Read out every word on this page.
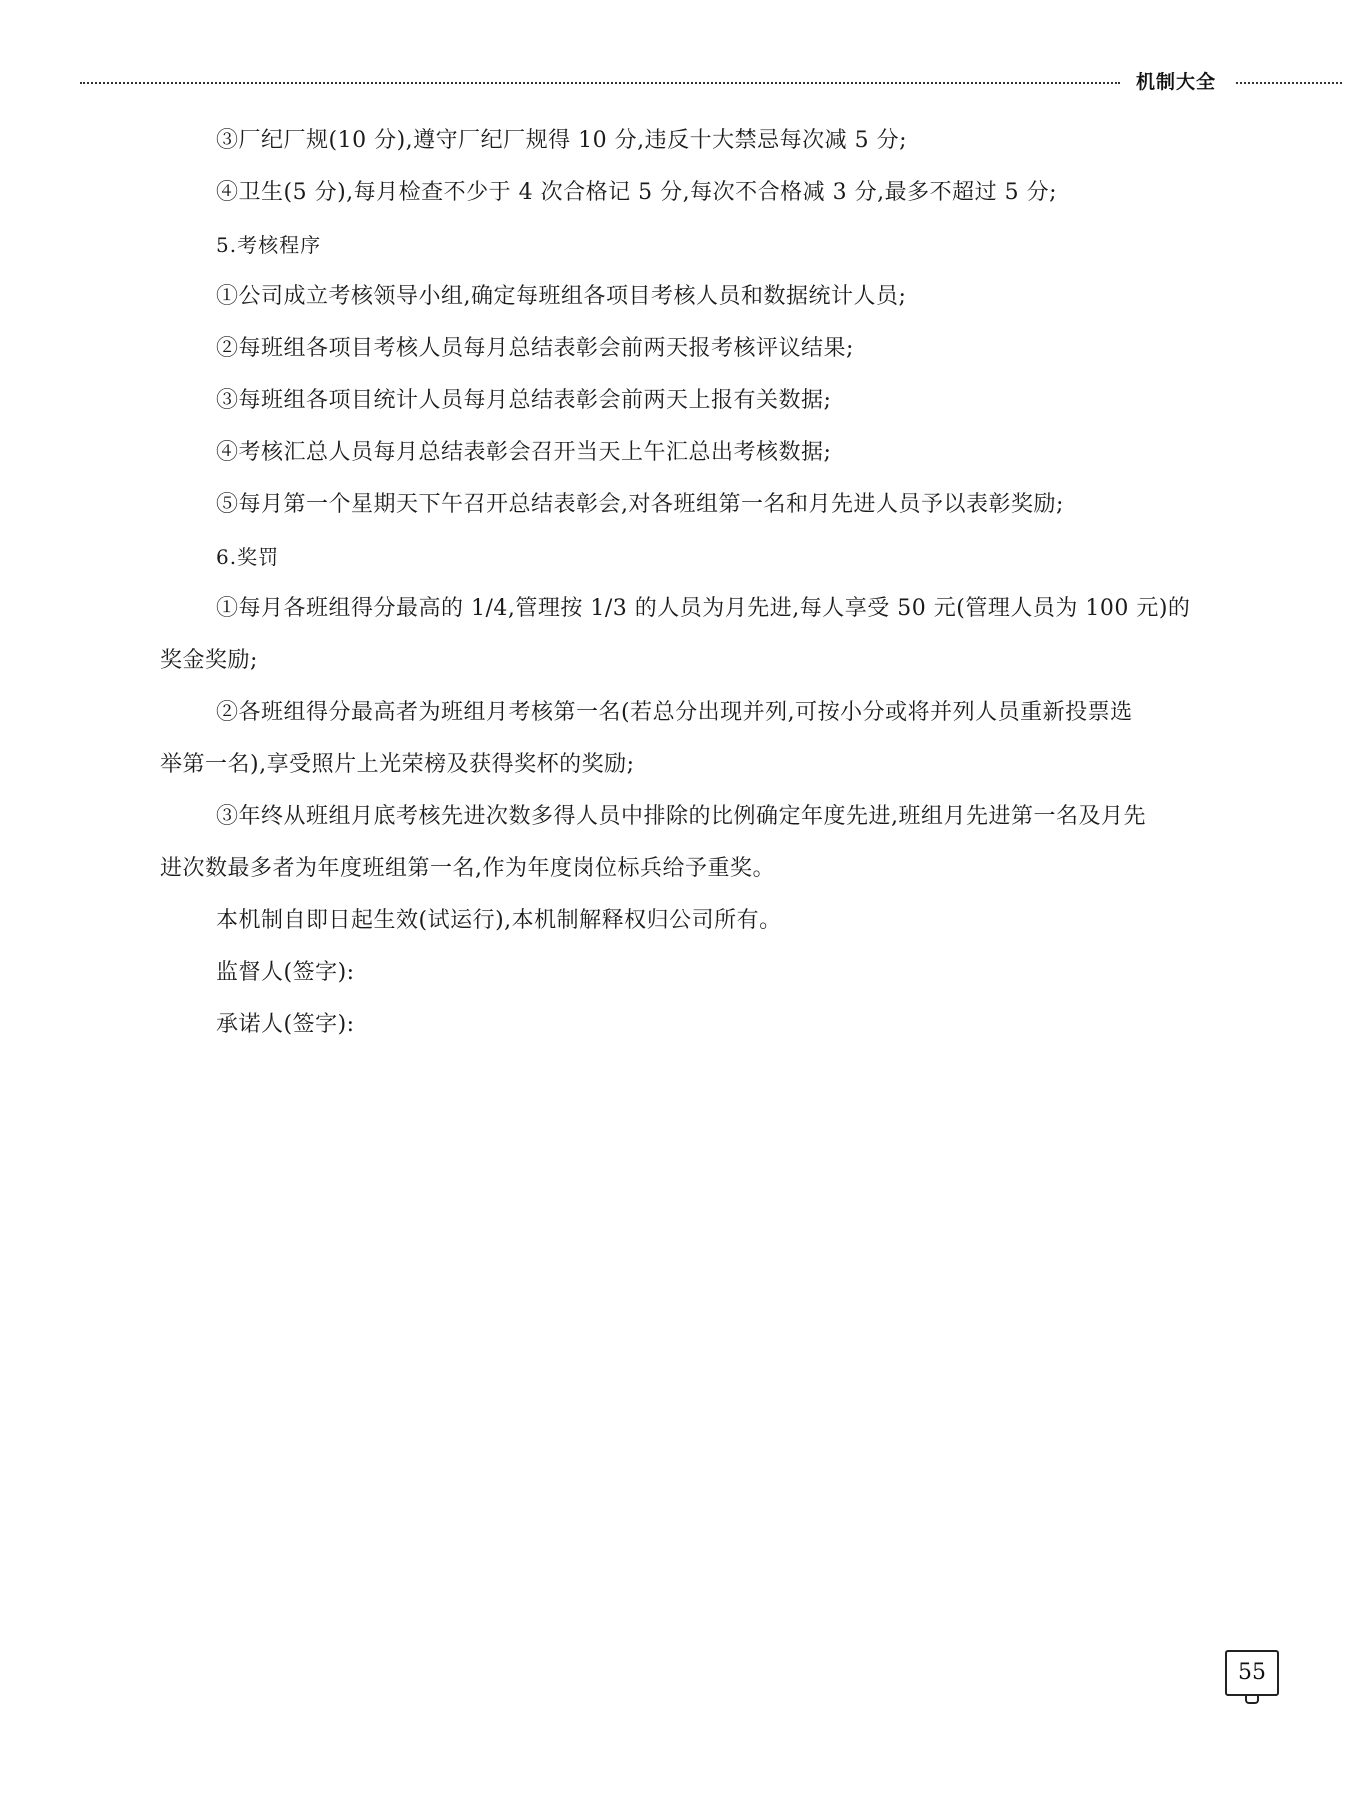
机制大全

③厂纪厂规(10 分),遵守厂纪厂规得 10 分,违反十大禁忌每次减 5 分;

④卫生(5 分),每月检查不少于 4 次合格记 5 分,每次不合格减 3 分,最多不超过 5 分;

5.考核程序

①公司成立考核领导小组,确定每班组各项目考核人员和数据统计人员;

②每班组各项目考核人员每月总结表彰会前两天报考核评议结果;

③每班组各项目统计人员每月总结表彰会前两天上报有关数据;

④考核汇总人员每月总结表彰会召开当天上午汇总出考核数据;

⑤每月第一个星期天下午召开总结表彰会,对各班组第一名和月先进人员予以表彰奖励;

6.奖罚

①每月各班组得分最高的 1/4,管理按 1/3 的人员为月先进,每人享受 50 元(管理人员为 100 元)的

奖金奖励;

②各班组得分最高者为班组月考核第一名(若总分出现并列,可按小分或将并列人员重新投票选

举第一名),享受照片上光荣榜及获得奖杯的奖励;

③年终从班组月底考核先进次数多得人员中排除的比例确定年度先进,班组月先进第一名及月先

进次数最多者为年度班组第一名,作为年度岗位标兵给予重奖。

本机制自即日起生效(试运行),本机制解释权归公司所有。

监督人(签字):

承诺人(签字):

55
